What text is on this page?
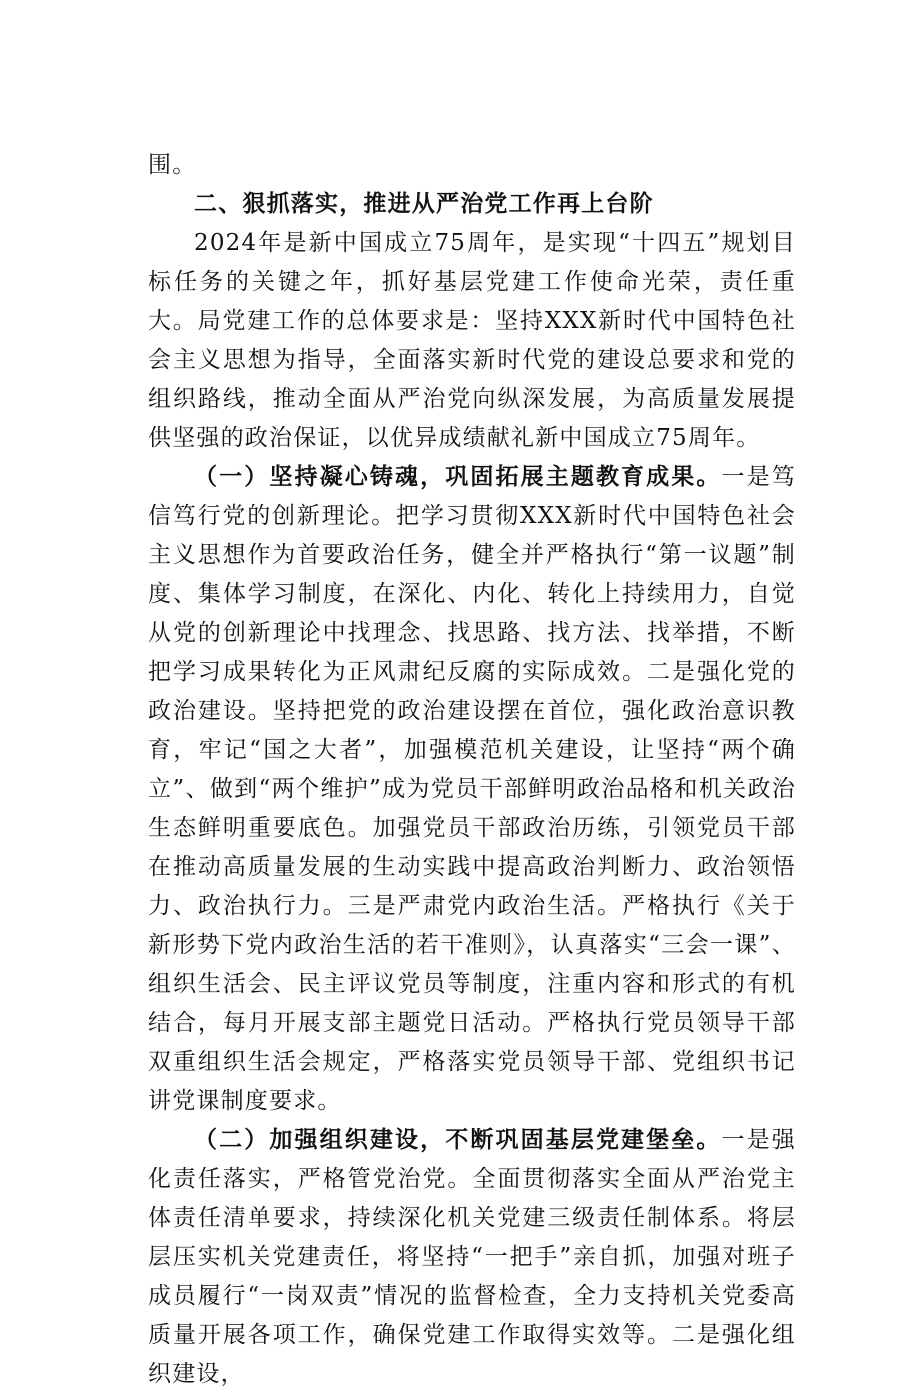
围。

二、狠抓落实，推进从严治党工作再上台阶

2024年是新中国成立75周年，是实现“十四五”规划目标任务的关键之年，抓好基层党建工作使命光荣，责任重大。局党建工作的总体要求是：坚持XXX新时代中国特色社会主义思想为指导，全面落实新时代党的建设总要求和党的组织路线，推动全面从严治党向纵深发展，为高质量发展提供坚强的政治保证，以优异成绩献礼新中国成立75周年。

（一）坚持凝心铸魂，巩固拓展主题教育成果。一是笃信笃行党的创新理论。把学习贯彻XXX新时代中国特色社会主义思想作为首要政治任务，健全并严格执行“第一议题”制度、集体学习制度，在深化、内化、转化上持续用力，自觉从党的创新理论中找理念、找思路、找方法、找举措，不断把学习成果转化为正风肃纪反腐的实际成效。二是强化党的政治建设。坚持把党的政治建设摆在首位，强化政治意识教育，牢记“国之大者”，加强模范机关建设，让坚持“两个确立”、做到“两个维护”成为党员干部鲜明政治品格和机关政治生态鲜明重要底色。加强党员干部政治历练，引领党员干部在推动高质量发展的生动实践中提高政治判断力、政治领悟力、政治执行力。三是严肃党内政治生活。严格执行《关于新形势下党内政治生活的若干准则》，认真落实“三会一课”、组织生活会、民主评议党员等制度，注重内容和形式的有机结合，每月开展支部主题党日活动。严格执行党员领导干部双重组织生活会规定，严格落实党员领导干部、党组织书记讲党课制度要求。

（二）加强组织建设，不断巩固基层党建堡垒。一是强化责任落实，严格管党治党。全面贯彻落实全面从严治党主体责任清单要求，持续深化机关党建三级责任制体系。将层层压实机关党建责任，将坚持“一把手”亲自抓，加强对班子成员履行“一岗双责”情况的监督检查，全力支持机关党委高质量开展各项工作，确保党建工作取得实效等。二是强化组织建设，
